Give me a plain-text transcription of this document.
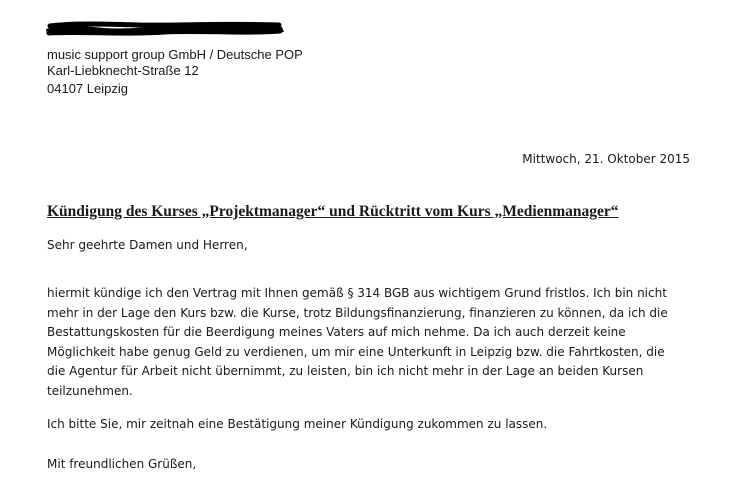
music support group GmbH / Deutsche POP
Karl-Liebknecht-Straße 12
04107 Leipzig
Mittwoch, 21. Oktober 2015
Kündigung des Kurses „Projektmanager“ und Rücktritt vom Kurs „Medienmanager“
Sehr geehrte Damen und Herren,
hiermit kündige ich den Vertrag mit Ihnen gemäß § 314 BGB aus wichtigem Grund fristlos. Ich bin nicht
mehr in der Lage den Kurs bzw. die Kurse, trotz Bildungsfinanzierung, finanzieren zu können, da ich die
Bestattungskosten für die Beerdigung meines Vaters auf mich nehme. Da ich auch derzeit keine
Möglichkeit habe genug Geld zu verdienen, um mir eine Unterkunft in Leipzig bzw. die Fahrtkosten, die
die Agentur für Arbeit nicht übernimmt, zu leisten, bin ich nicht mehr in der Lage an beiden Kursen
teilzunehmen.
Ich bitte Sie, mir zeitnah eine Bestätigung meiner Kündigung zukommen zu lassen.
Mit freundlichen Grüßen,
